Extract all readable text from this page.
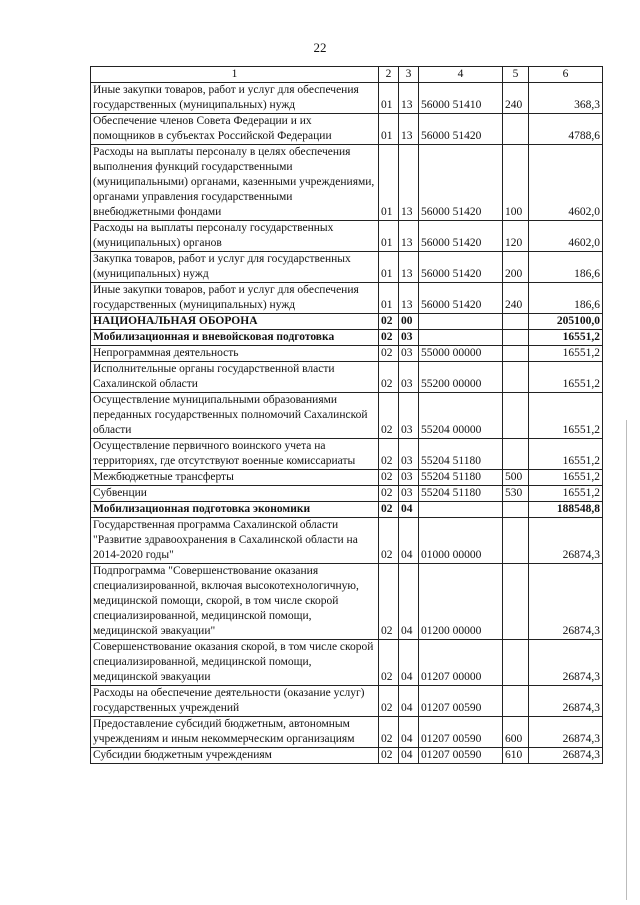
22
1	2	3	4	5	6
Иные закупки товаров, работ и услуг для обеспечения государственных (муниципальных) нужд	01	13	56000 51410	240	368,3
Обеспечение членов Совета Федерации и их помощников в субъектах Российской Федерации	01	13	56000 51420		4788,6
Расходы на выплаты персоналу в целях обеспечения выполнения функций государственными (муниципальными) органами, казенными учреждениями, органами управления государственными внебюджетными фондами	01	13	56000 51420	100	4602,0
Расходы на выплаты персоналу государственных (муниципальных) органов	01	13	56000 51420	120	4602,0
Закупка товаров, работ и услуг для государственных (муниципальных) нужд	01	13	56000 51420	200	186,6
Иные закупки товаров, работ и услуг для обеспечения государственных (муниципальных) нужд	01	13	56000 51420	240	186,6
НАЦИОНАЛЬНАЯ ОБОРОНА	02	00			205100,0
Мобилизационная и вневойсковая подготовка	02	03			16551,2
Непрограммная деятельность	02	03	55000 00000		16551,2
Исполнительные органы государственной власти Сахалинской области	02	03	55200 00000		16551,2
Осуществление муниципальными образованиями переданных государственных полномочий Сахалинской области	02	03	55204 00000		16551,2
Осуществление первичного воинского учета на территориях, где отсутствуют военные комиссариаты	02	03	55204 51180		16551,2
Межбюджетные трансферты	02	03	55204 51180	500	16551,2
Субвенции	02	03	55204 51180	530	16551,2
Мобилизационная подготовка экономики	02	04			188548,8
Государственная программа Сахалинской области "Развитие здравоохранения в Сахалинской области на 2014-2020 годы"	02	04	01000 00000		26874,3
Подпрограмма "Совершенствование оказания специализированной, включая высокотехнологичную, медицинской помощи, скорой, в том числе скорой специализированной, медицинской помощи, медицинской эвакуации"	02	04	01200 00000		26874,3
Совершенствование оказания скорой, в том числе скорой специализированной, медицинской помощи, медицинской эвакуации	02	04	01207 00000		26874,3
Расходы на обеспечение деятельности (оказание услуг) государственных учреждений	02	04	01207 00590		26874,3
Предоставление субсидий бюджетным, автономным учреждениям и иным некоммерческим организациям	02	04	01207 00590	600	26874,3
Субсидии бюджетным учреждениям	02	04	01207 00590	610	26874,3
